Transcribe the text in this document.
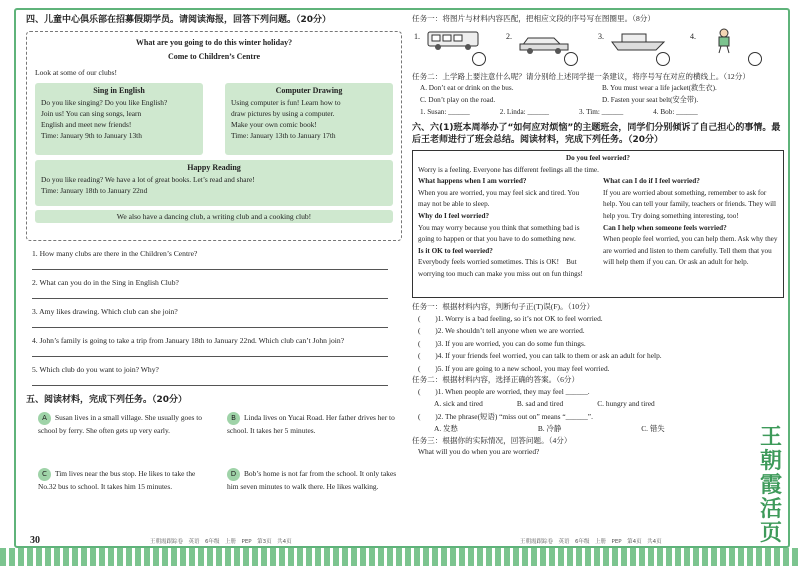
四、儿童中心俱乐部在招募假期学员。请阅读海报，回答下列问题。（20分）
What are you going to do this winter holiday?
Come to Children’s Centre
Look at some of our clubs!
Sing in English

Do you like singing? Do you like English?

Join us! You can sing songs, learn

English and meet new friends!

Time: January 9th to January 13th

Computer Drawing

Using computer is fun! Learn how to

draw pictures by using a computer.

Make your own comic book!

Time: January 13th to January 17th

Happy Reading

Do you like reading? We have a lot of great books. Let’s read and share!

Time: January 18th to January 22nd

We also have a dancing club, a writing club and a cooking club!
1. How many clubs are there in the Children’s Centre?
2. What can you do in the Sing in English Club?
3. Amy likes drawing. Which club can she join?
4. John’s family is going to take a trip from January 18th to January 22nd. Which club can’t John join?
5. Which club do you want to join? Why?
五、阅读材料，完成下列任务。（20分）
A Susan lives in a small village. She usually goes to school by ferry. She often gets up very early.
B Linda lives on Yucai Road. Her father drives her to school. It takes her 5 minutes.
C Tim lives near the bus stop. He likes to take the No.32 bus to school. It takes him 15 minutes.
D Bob’s home is not far from the school. It only takes him seven minutes to walk there. He likes walking.
30	王朝霞跟踪卷　英语　6年级　上册　PEP　第3页　共4页
任务一：将图片与材料内容匹配，把相应文段的序号写在图圈里。（8分）
1.	2.	3.	4.
任务二：上学路上要注意什么呢？请分别给上述同学提一条建议，将序号写在对应的横线上。（12分）
A. Don’t eat or drink on the bus.	B. You must wear a life jacket(救生衣).
C. Don’t play on the road.	D. Fasten your seat belt(安全带).
1. Susan: ______	2. Linda: ______	3. Tim: ______	4. Bob: ______
六、六(1)班本周举办了“如何应对烦恼”的主题班会，同学们分别倾诉了自己担心的事情。最后王老师进行了班会总结。阅读材料，完成下列任务。（20分）
Do you feel worried?
Worry is a feeling. Everyone has different feelings all the time.
What happens when I am worried?
When you are worried, you may feel sick and tired. You may not be able to sleep.
Why do I feel worried?
You may worry because you think that something bad is going to happen or that you have to do something new.
Is it OK to feel worried?
Everybody feels worried sometimes. This is OK!　But worrying too much can make you miss out on fun things!
What can I do if I feel worried?
If you are worried about something, remember to ask for help. You can tell your family, teachers or friends. They will help you. Try doing something interesting, too!
Can I help when someone feels worried?
When people feel worried, you can help them. Ask why they are worried and listen to them carefully. Tell them that you will help them if you can. Or ask an adult for help.
任务一：根据材料内容，判断句子正(T)误(F)。（10分）
(　　)1. Worry is a bad feeling, so it’s not OK to feel worried.
(　　)2. We shouldn’t tell anyone when we are worried.
(　　)3. If you are worried, you can do some fun things.
(　　)4. If your friends feel worried, you can talk to them or ask an adult for help.
(　　)5. If you are going to a new school, you may feel worried.
任务二：根据材料内容，选择正确的答案。（6分）
(　　)1. When people are worried, they may feel ______.
A. sick and tired	B. sad and tired	C. hungry and tired
(　　)2. The phrase(短语) “miss out on” means “______”.
A. 发愁	B. 冷静	C. 错失
任务三：根据你的实际情况，回答问题。（4分）
What will you do when you are worried?
王朝霞跟踪卷　英语　6年级　上册　PEP　第4页　共4页
王
朝
霞
活
页
